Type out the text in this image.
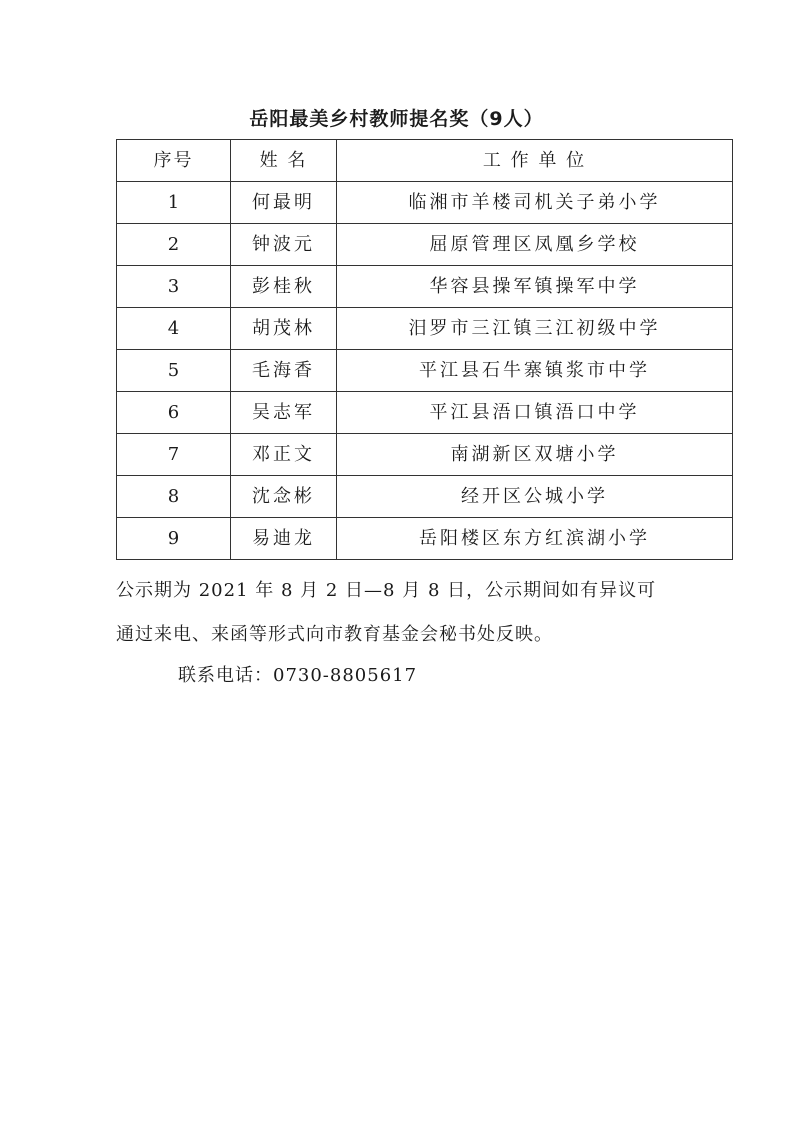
岳阳最美乡村教师提名奖（9人）
序号	姓 名	工 作 单 位
1	何最明	临湘市羊楼司机关子弟小学
2	钟波元	屈原管理区凤凰乡学校
3	彭桂秋	华容县操军镇操军中学
4	胡茂林	汨罗市三江镇三江初级中学
5	毛海香	平江县石牛寨镇浆市中学
6	吴志军	平江县浯口镇浯口中学
7	邓正文	南湖新区双塘小学
8	沈念彬	经开区公城小学
9	易迪龙	岳阳楼区东方红滨湖小学

公示期为 2021 年 8 月 2 日—8 月 8 日，公示期间如有异议可

通过来电、来函等形式向市教育基金会秘书处反映。

联系电话：0730-8805617
